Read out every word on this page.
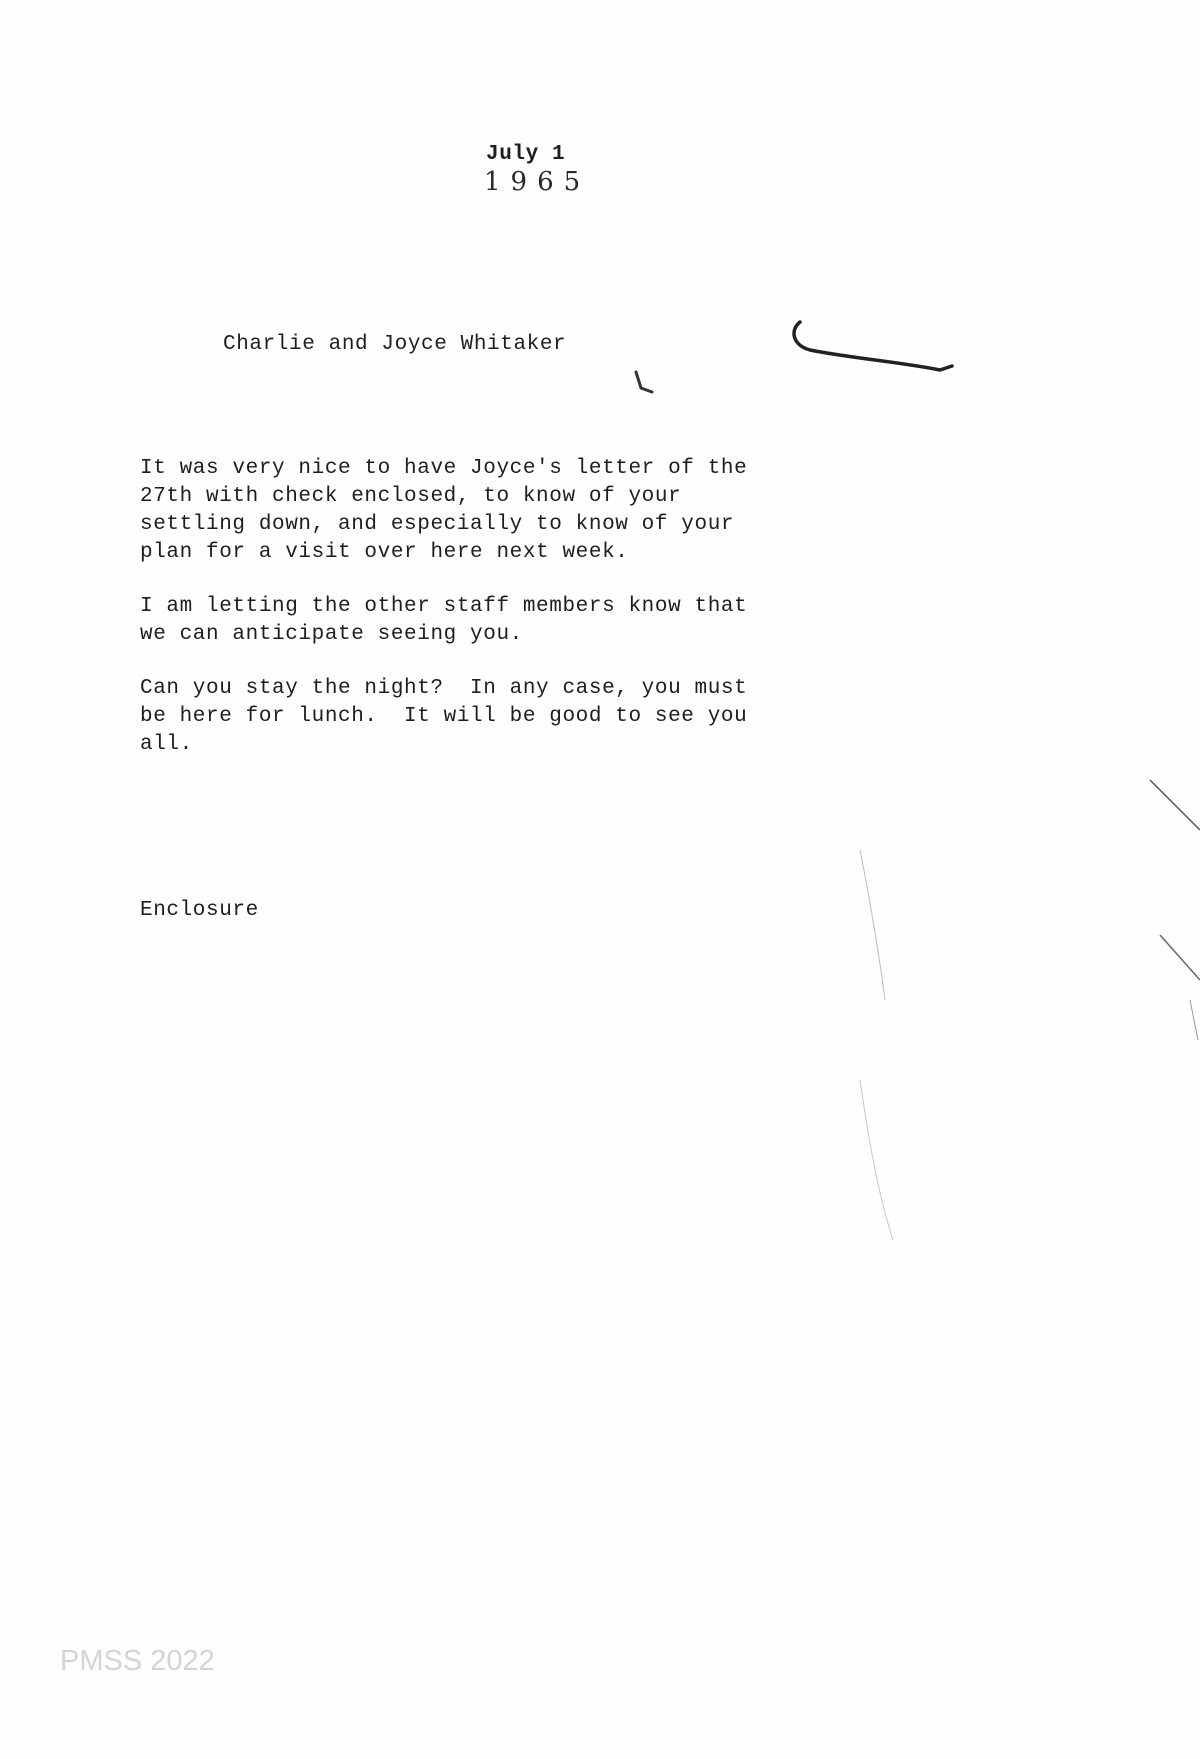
July 1
1965
Charlie and Joyce Whitaker
It was very nice to have Joyce's letter of the
27th with check enclosed, to know of your
settling down, and especially to know of your
plan for a visit over here next week.
I am letting the other staff members know that
we can anticipate seeing you.
Can you stay the night?  In any case, you must
be here for lunch.  It will be good to see you
all.
Enclosure
PMSS 2022
